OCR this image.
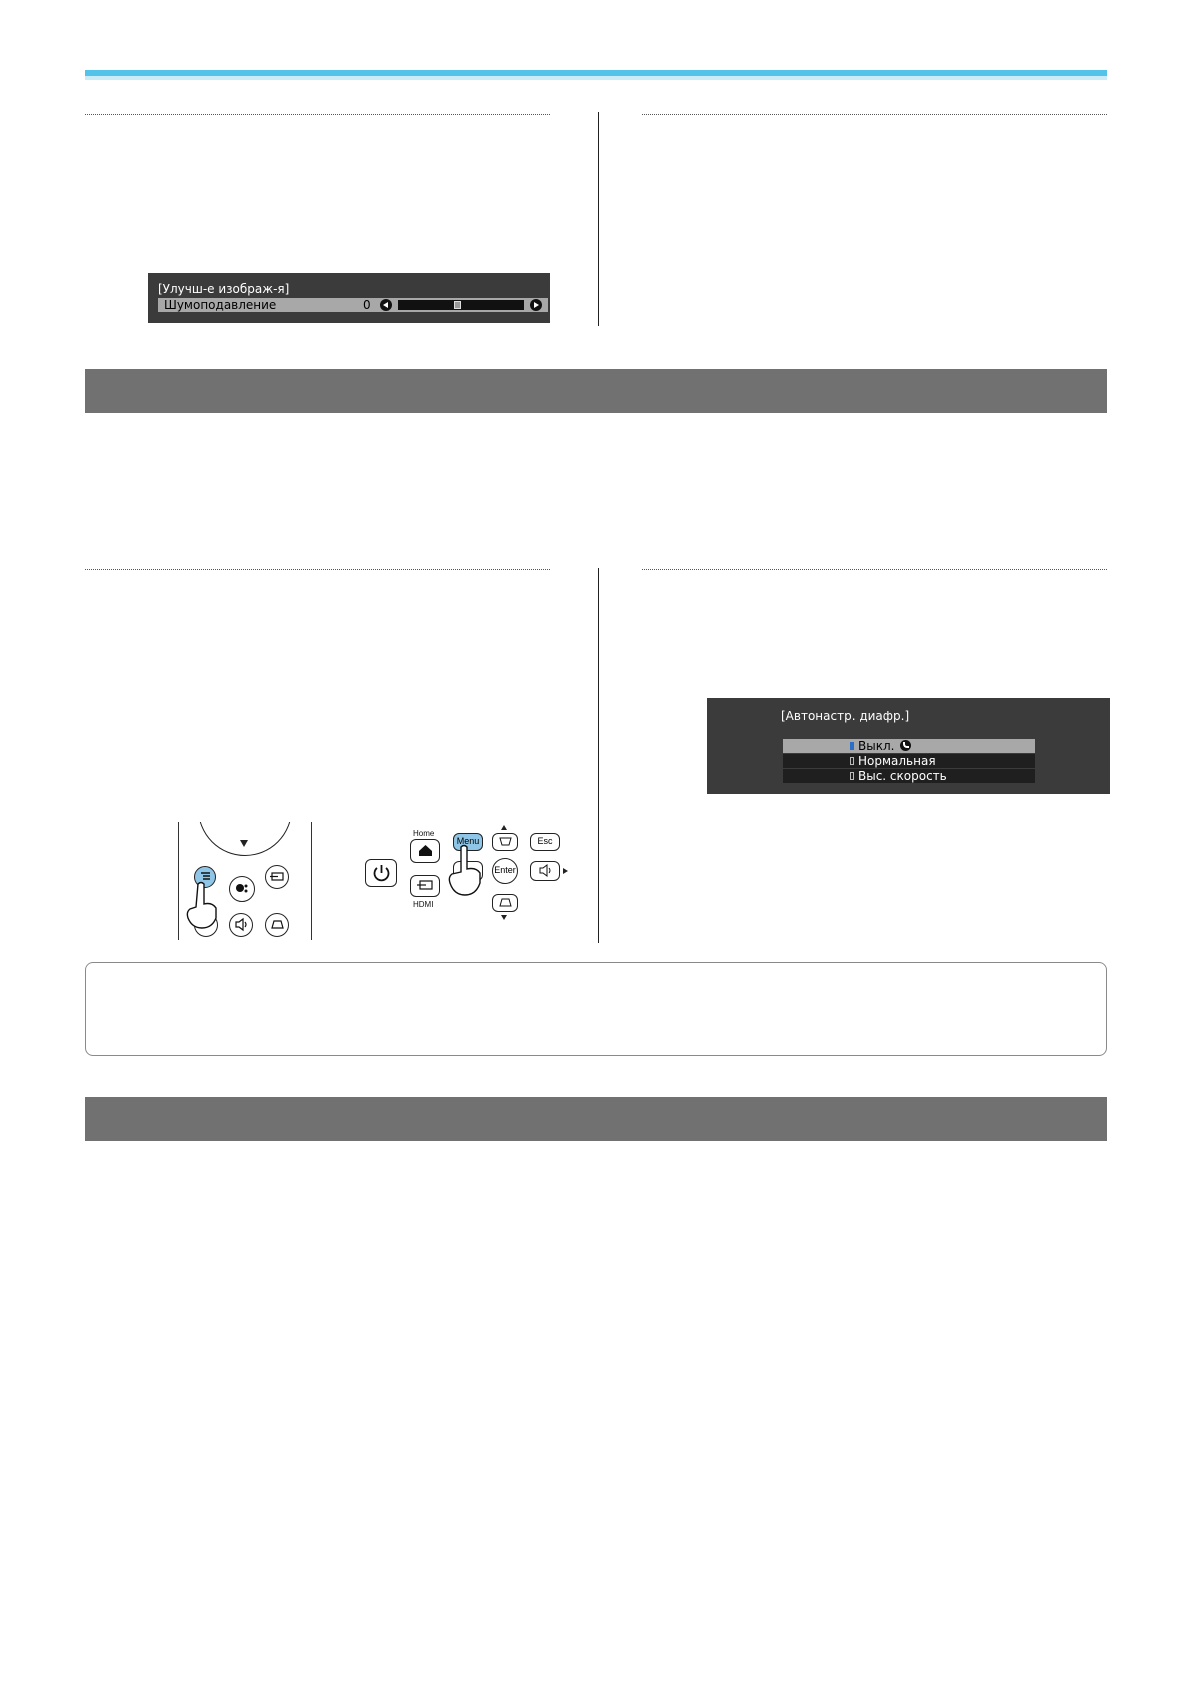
[Улучш-е изображ-я]
Шумоподавление	0
[Автонастр. диафр.]
Выкл.
Нормальная
Выс. скорость
Home
HDMI
Menu	Esc
Enter
